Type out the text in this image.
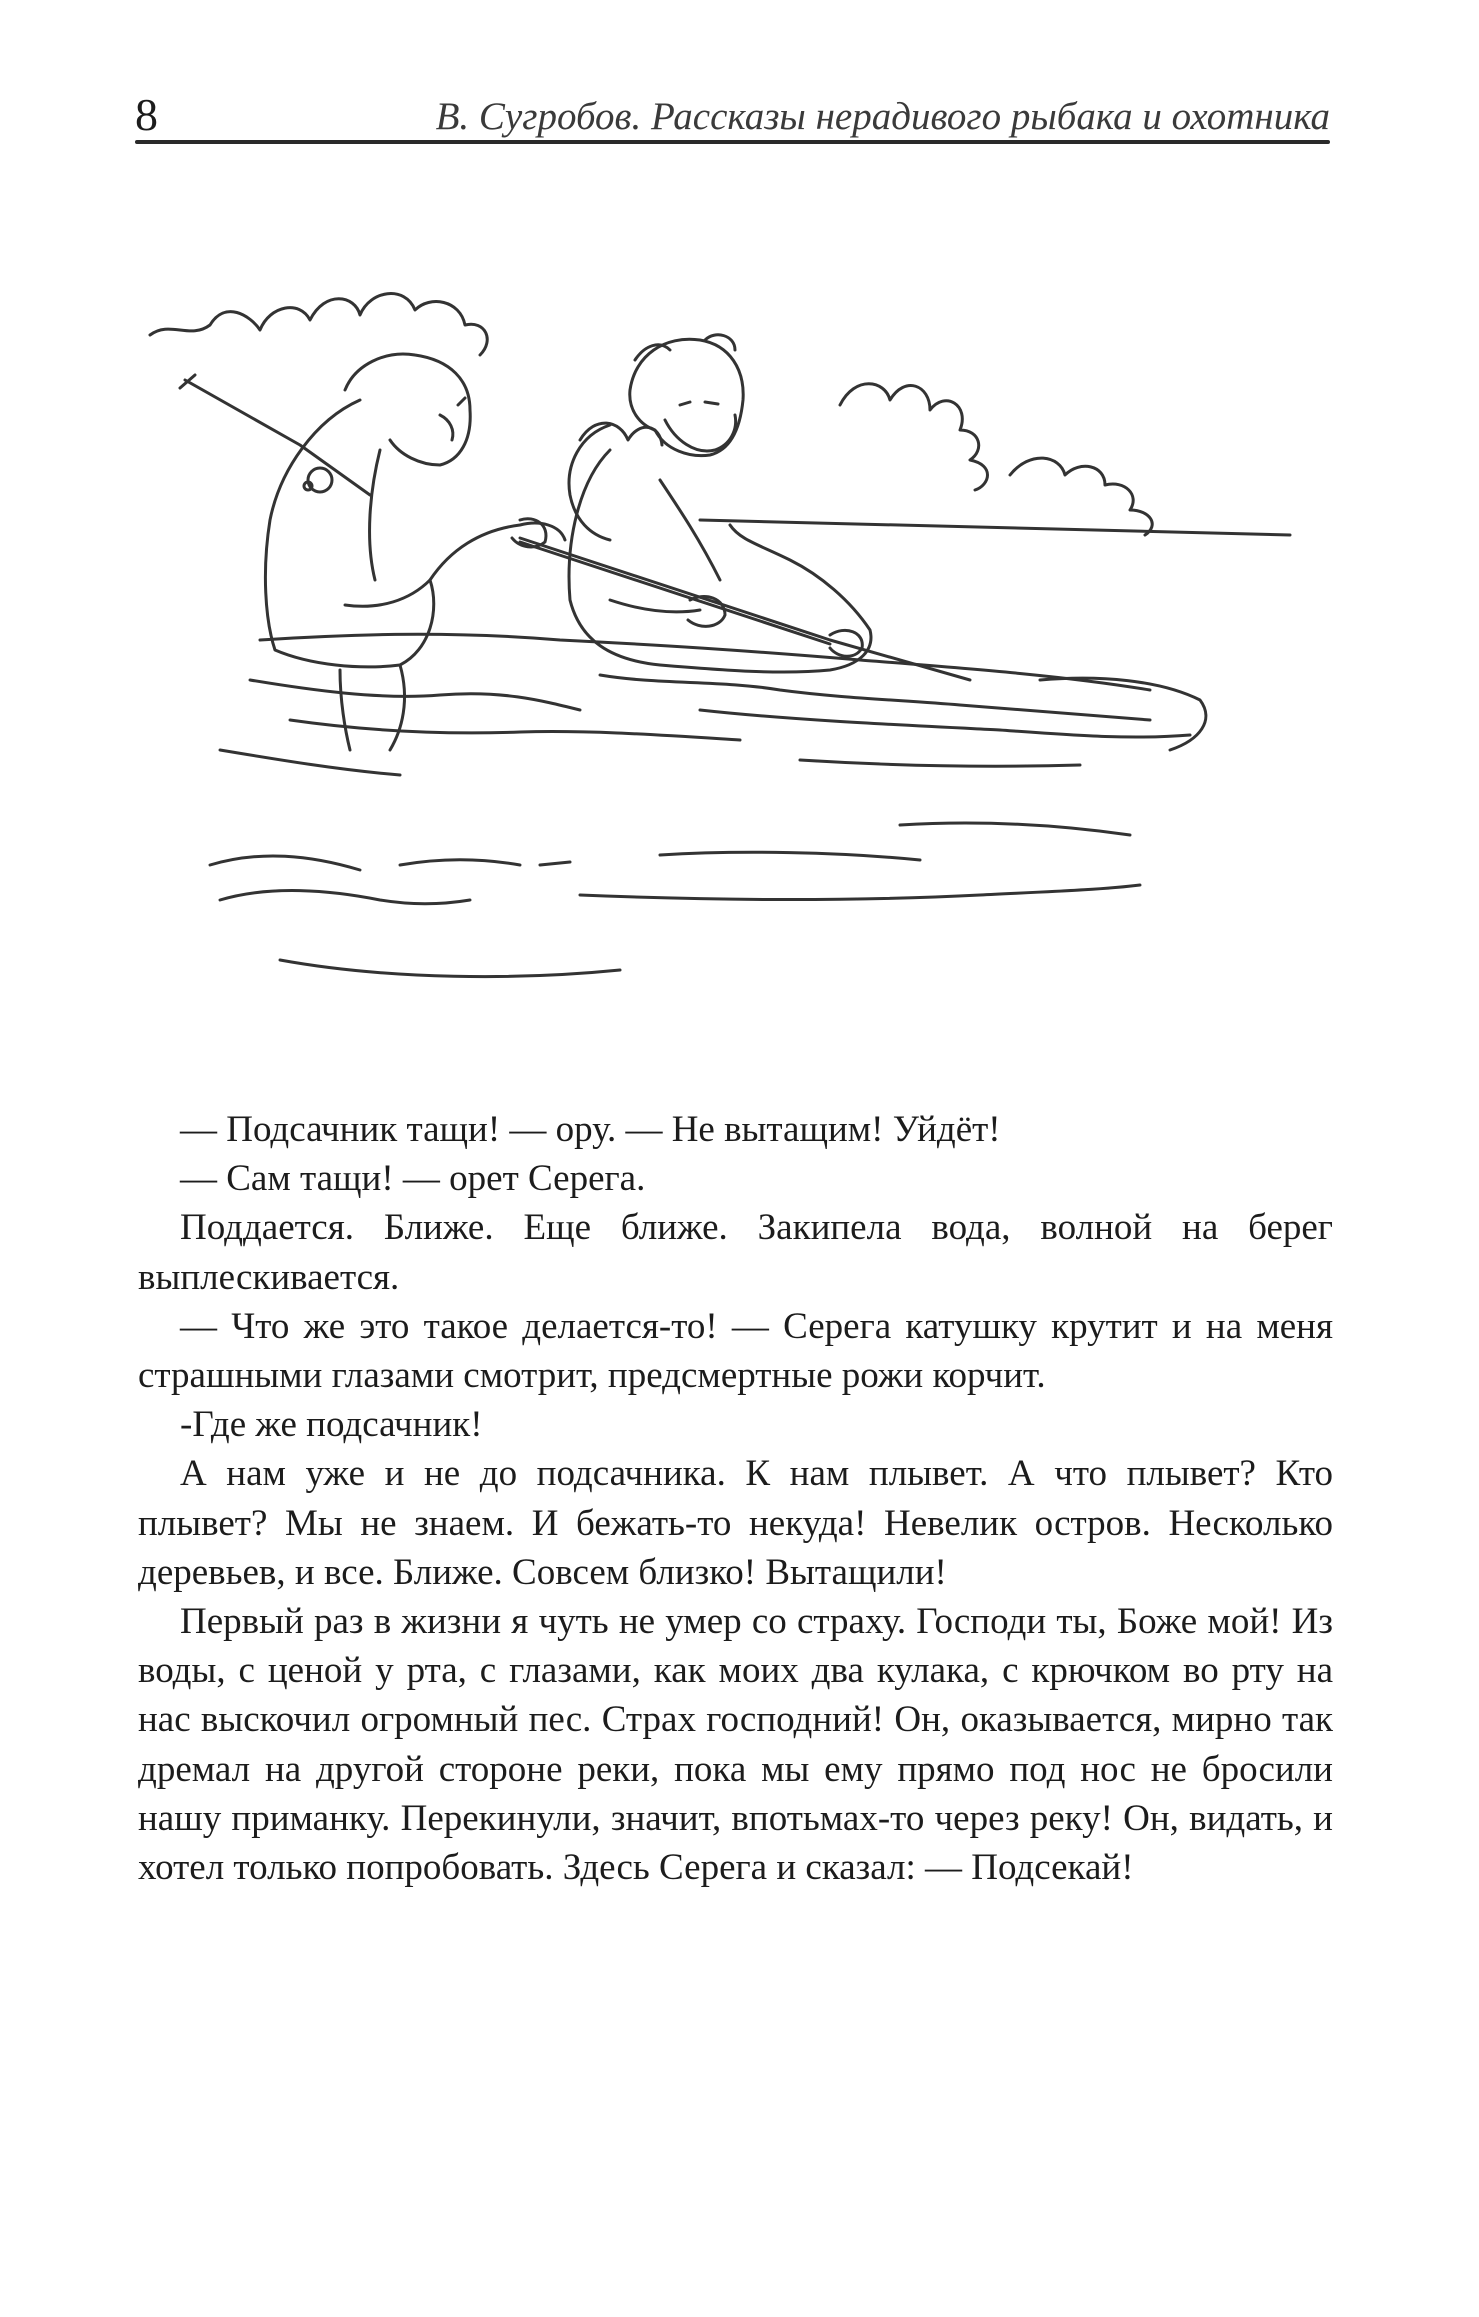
8	В. Сугробов. Рассказы нерадивого рыбака и охотника

— Подсачник тащи! — ору. — Не вытащим! Уйдёт!

— Сам тащи! — орет Серега.

Поддается. Ближе. Еще ближе. Закипела вода, волной на берег выплескивается.

— Что же это такое делается-то! — Серега катушку крутит и на меня страшными глазами смотрит, предсмертные рожи корчит.

-Где же подсачник!

А нам уже и не до подсачника. К нам плывет. А что плывет? Кто плывет? Мы не знаем. И бежать-то некуда! Невелик остров. Несколько деревьев, и все. Ближе. Совсем близко! Вытащили!

Первый раз в жизни я чуть не умер со страху. Господи ты, Боже мой! Из воды, с ценой у рта, с глазами, как моих два кулака, с крючком во рту на нас выскочил огромный пес. Страх господний! Он, оказывается, мирно так дремал на другой стороне реки, пока мы ему прямо под нос не бросили нашу приманку. Перекинули, значит, впотьмах-то через реку! Он, видать, и хотел только попробовать. Здесь Серега и сказал: — Подсекай!
